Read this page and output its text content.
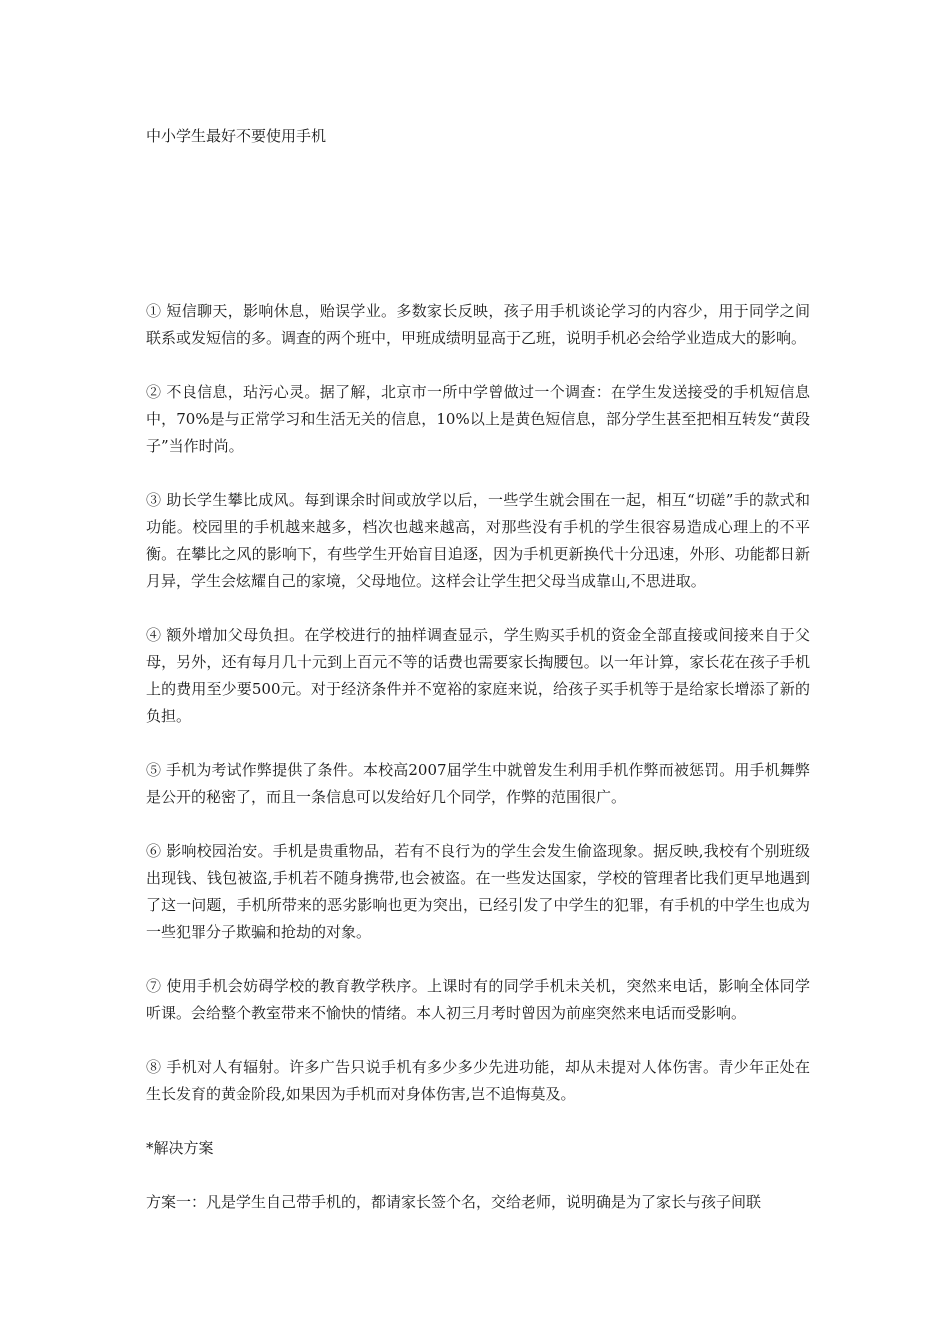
中小学生最好不要使用手机

① 短信聊天，影响休息，贻误学业。多数家长反映，孩子用手机谈论学习的内容少，用于同学之间联系或发短信的多。调查的两个班中，甲班成绩明显高于乙班，说明手机必会给学业造成大的影响。

② 不良信息，玷污心灵。据了解，北京市一所中学曾做过一个调查：在学生发送接受的手机短信息中，70%是与正常学习和生活无关的信息，10%以上是黄色短信息，部分学生甚至把相互转发“黄段子”当作时尚。

③ 助长学生攀比成风。每到课余时间或放学以后，一些学生就会围在一起，相互“切磋”手的款式和功能。校园里的手机越来越多，档次也越来越高，对那些没有手机的学生很容易造成心理上的不平衡。在攀比之风的影响下，有些学生开始盲目追逐，因为手机更新换代十分迅速，外形、功能都日新月异，学生会炫耀自己的家境，父母地位。这样会让学生把父母当成靠山,不思进取。

④ 额外增加父母负担。在学校进行的抽样调查显示，学生购买手机的资金全部直接或间接来自于父母，另外，还有每月几十元到上百元不等的话费也需要家长掏腰包。以一年计算，家长花在孩子手机上的费用至少要500元。对于经济条件并不宽裕的家庭来说，给孩子买手机等于是给家长增添了新的负担。

⑤ 手机为考试作弊提供了条件。本校高2007届学生中就曾发生利用手机作弊而被惩罚。用手机舞弊是公开的秘密了，而且一条信息可以发给好几个同学，作弊的范围很广。

⑥ 影响校园治安。手机是贵重物品，若有不良行为的学生会发生偷盗现象。据反映,我校有个别班级出现钱、钱包被盗,手机若不随身携带,也会被盗。在一些发达国家，学校的管理者比我们更早地遇到了这一问题，手机所带来的恶劣影响也更为突出，已经引发了中学生的犯罪，有手机的中学生也成为一些犯罪分子欺骗和抢劫的对象。

⑦ 使用手机会妨碍学校的教育教学秩序。上课时有的同学手机未关机，突然来电话，影响全体同学听课。会给整个教室带来不愉快的情绪。本人初三月考时曾因为前座突然来电话而受影响。

⑧ 手机对人有辐射。许多广告只说手机有多少多少先进功能，却从未提对人体伤害。青少年正处在生长发育的黄金阶段,如果因为手机而对身体伤害,岂不追悔莫及。

*解决方案

方案一：凡是学生自己带手机的，都请家长签个名，交给老师，说明确是为了家长与孩子间联
